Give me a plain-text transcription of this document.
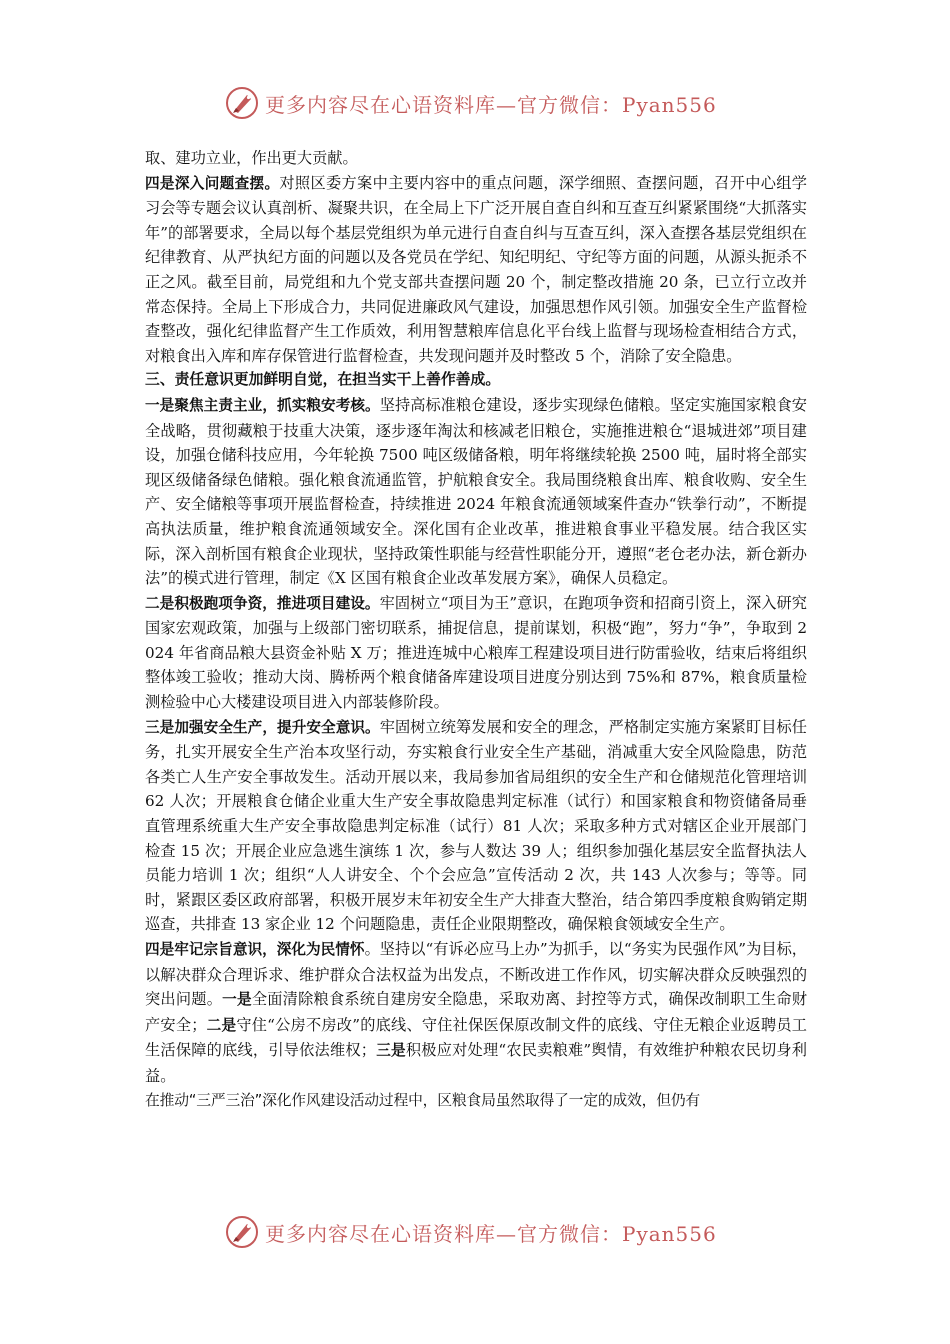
更多内容尽在心语资料库—官方微信：Pyan556

取、建功立业，作出更大贡献。

四是深入问题查摆。对照区委方案中主要内容中的重点问题，深学细照、查摆问题，召开中心组学习会等专题会议认真剖析、凝聚共识，在全局上下广泛开展自查自纠和互查互纠紧紧围绕“大抓落实年”的部署要求，全局以每个基层党组织为单元进行自查自纠与互查互纠，深入查摆各基层党组织在纪律教育、从严执纪方面的问题以及各党员在学纪、知纪明纪、守纪等方面的问题，从源头扼杀不正之风。截至目前，局党组和九个党支部共查摆问题 20 个，制定整改措施 20 条，已立行立改并常态保持。全局上下形成合力，共同促进廉政风气建设，加强思想作风引领。加强安全生产监督检查整改，强化纪律监督产生工作质效，利用智慧粮库信息化平台线上监督与现场检查相结合方式，对粮食出入库和库存保管进行监督检查，共发现问题并及时整改 5 个，消除了安全隐患。

三、责任意识更加鲜明自觉，在担当实干上善作善成。

一是聚焦主责主业，抓实粮安考核。坚持高标准粮仓建设，逐步实现绿色储粮。坚定实施国家粮食安全战略，贯彻藏粮于技重大决策，逐步逐年淘汰和核减老旧粮仓，实施推进粮仓“退城进郊”项目建设，加强仓储科技应用，今年轮换 7500 吨区级储备粮，明年将继续轮换 2500 吨，届时将全部实现区级储备绿色储粮。强化粮食流通监管，护航粮食安全。我局围绕粮食出库、粮食收购、安全生产、安全储粮等事项开展监督检查，持续推进 2024 年粮食流通领域案件查办“铁拳行动”，不断提高执法质量，维护粮食流通领域安全。深化国有企业改革，推进粮食事业平稳发展。结合我区实际，深入剖析国有粮食企业现状，坚持政策性职能与经营性职能分开，遵照“老仓老办法，新仓新办法”的模式进行管理，制定《X 区国有粮食企业改革发展方案》，确保人员稳定。

二是积极跑项争资，推进项目建设。牢固树立“项目为王”意识，在跑项争资和招商引资上，深入研究国家宏观政策，加强与上级部门密切联系，捕捉信息，提前谋划，积极“跑”，努力“争”，争取到 2024 年省商品粮大县资金补贴 X 万；推进连城中心粮库工程建设项目进行防雷验收，结束后将组织整体竣工验收；推动大岗、腾桥两个粮食储备库建设项目进度分别达到 75%和 87%，粮食质量检测检验中心大楼建设项目进入内部装修阶段。

三是加强安全生产，提升安全意识。牢固树立统筹发展和安全的理念，严格制定实施方案紧盯目标任务，扎实开展安全生产治本攻坚行动，夯实粮食行业安全生产基础，消减重大安全风险隐患，防范各类亡人生产安全事故发生。活动开展以来，我局参加省局组织的安全生产和仓储规范化管理培训 62 人次；开展粮食仓储企业重大生产安全事故隐患判定标准（试行）和国家粮食和物资储备局垂直管理系统重大生产安全事故隐患判定标准（试行）81 人次；采取多种方式对辖区企业开展部门检查 15 次；开展企业应急逃生演练 1 次，参与人数达 39 人；组织参加强化基层安全监督执法人员能力培训 1 次；组织“人人讲安全、个个会应急”宣传活动 2 次，共 143 人次参与；等等。同时，紧跟区委区政府部署，积极开展岁末年初安全生产大排查大整治，结合第四季度粮食购销定期巡查，共排查 13 家企业 12 个问题隐患，责任企业限期整改，确保粮食领域安全生产。

四是牢记宗旨意识，深化为民情怀。坚持以“有诉必应马上办”为抓手，以“务实为民强作风”为目标，以解决群众合理诉求、维护群众合法权益为出发点，不断改进工作作风，切实解决群众反映强烈的突出问题。一是全面清除粮食系统自建房安全隐患，采取劝离、封控等方式，确保改制职工生命财产安全；二是守住“公房不房改”的底线、守住社保医保原改制文件的底线、守住无粮企业返聘员工生活保障的底线，引导依法维权；三是积极应对处理“农民卖粮难”舆情，有效维护种粮农民切身利益。

在推动“三严三治”深化作风建设活动过程中，区粮食局虽然取得了一定的成效，但仍有

更多内容尽在心语资料库—官方微信：Pyan556
